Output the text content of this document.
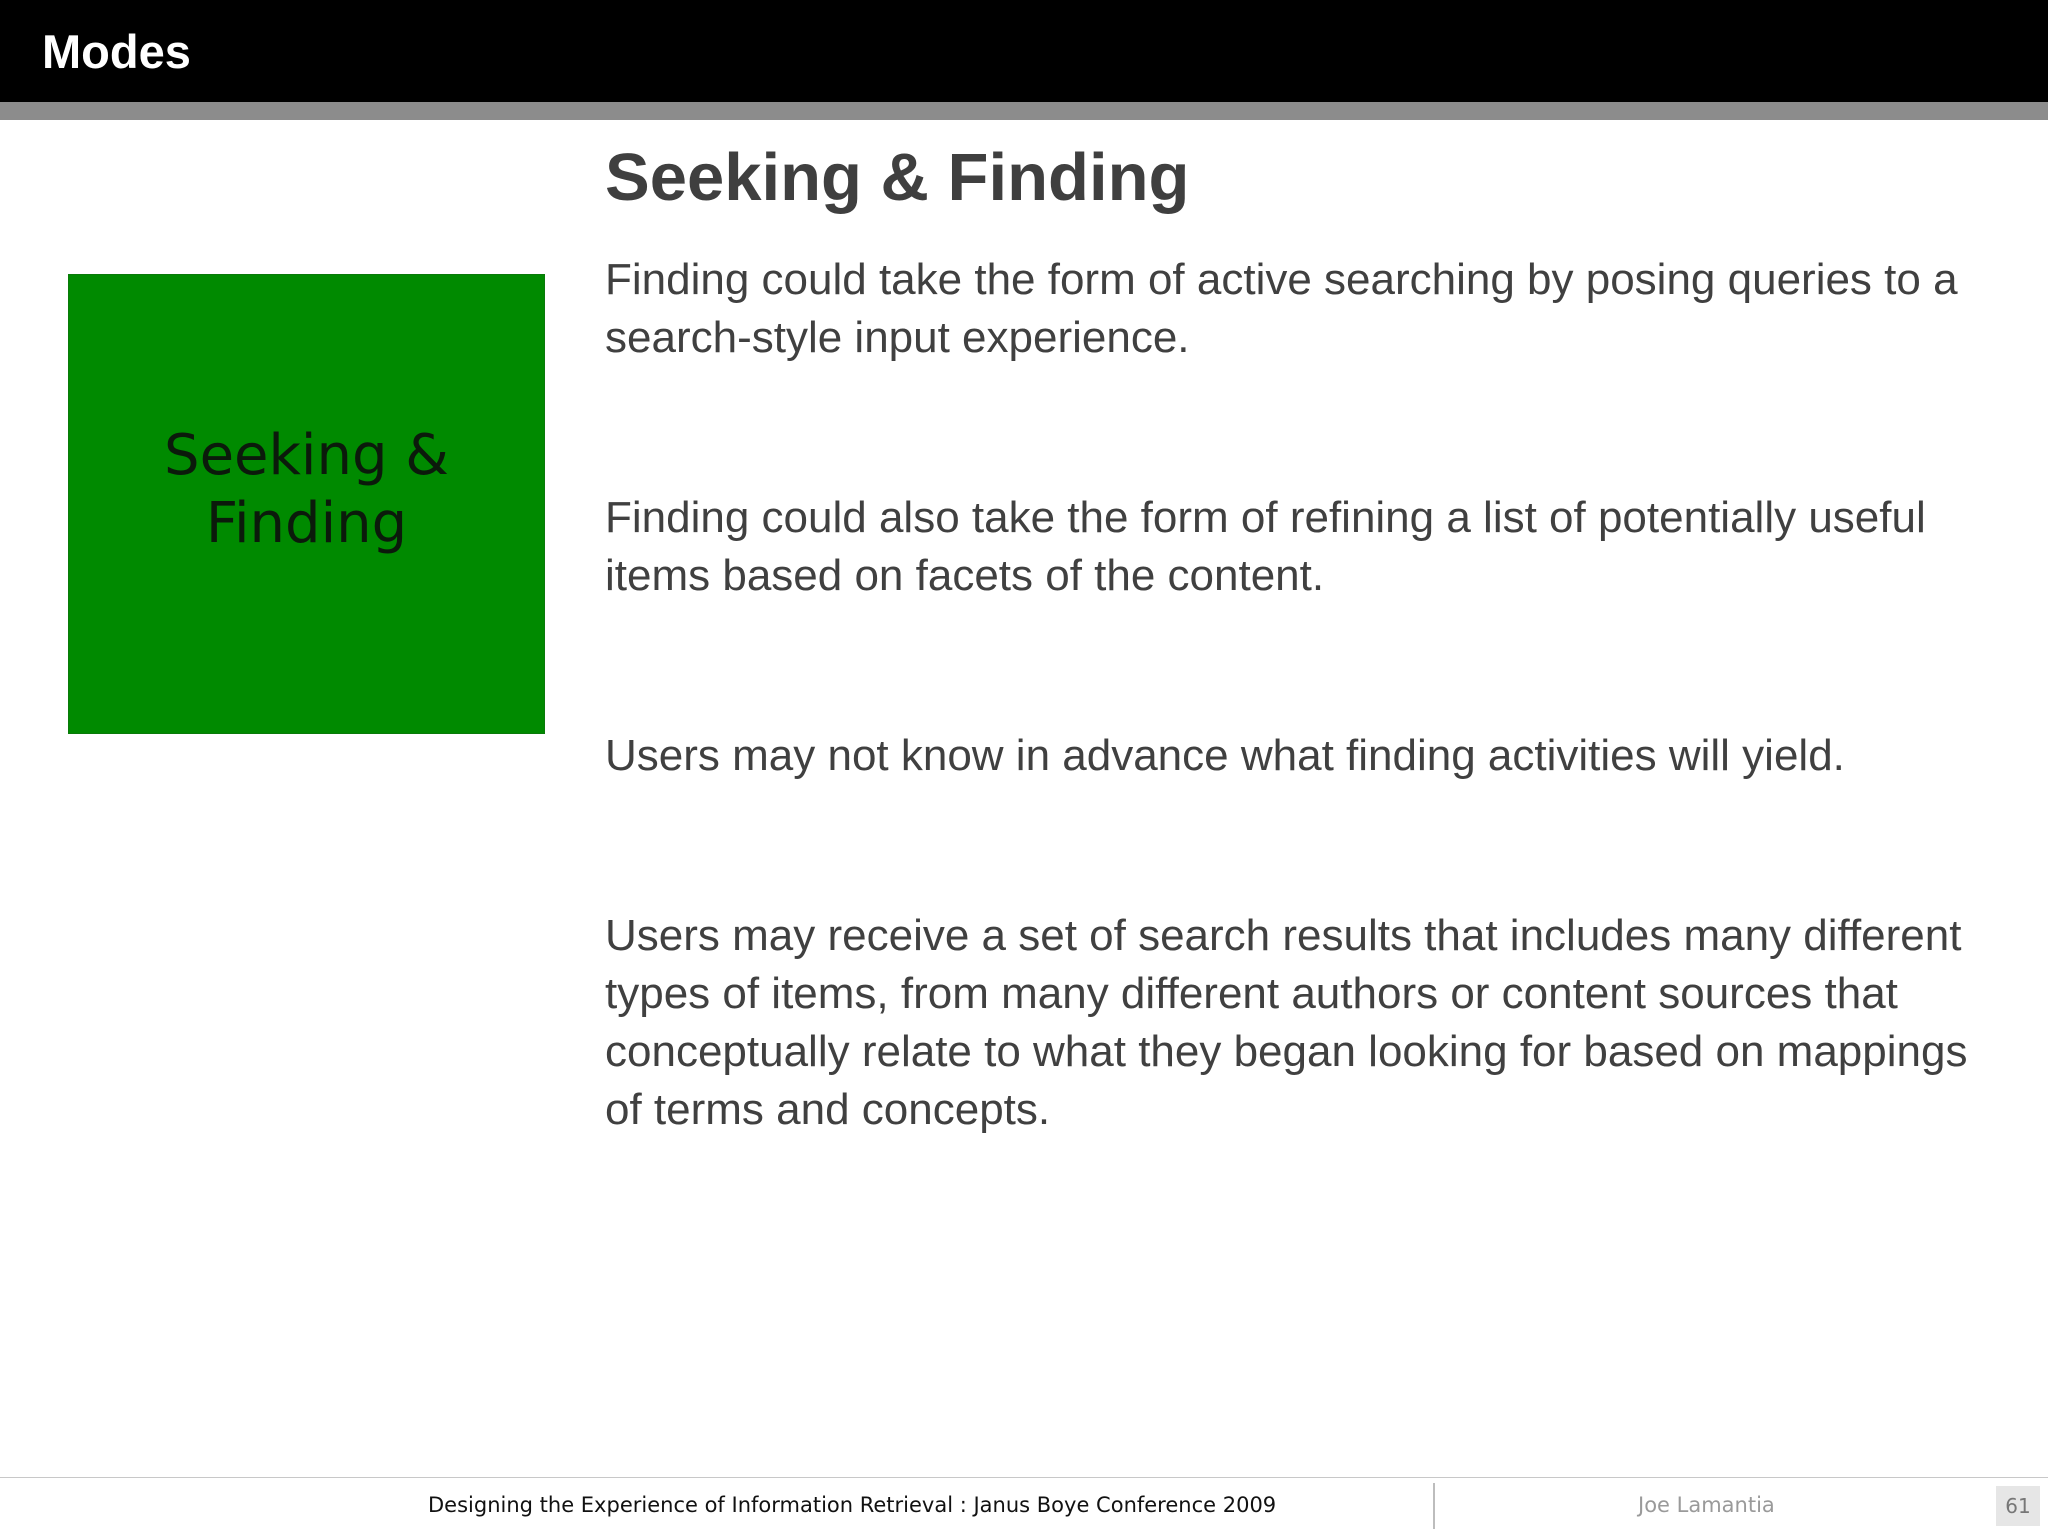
Modes
Seeking & Finding
Seeking & Finding

Finding could take the form of active searching by posing queries to a search-style input experience.

Finding could also take the form of refining a list of potentially useful items based on facets of the content.

Users may not know in advance what finding activities will yield.

Users may receive a set of search results that includes many different types of items, from many different authors or content sources that conceptually relate to what they began looking for based on mappings of terms and concepts.

Designing the Experience of Information Retrieval : Janus Boye Conference 2009	Joe Lamantia	61
